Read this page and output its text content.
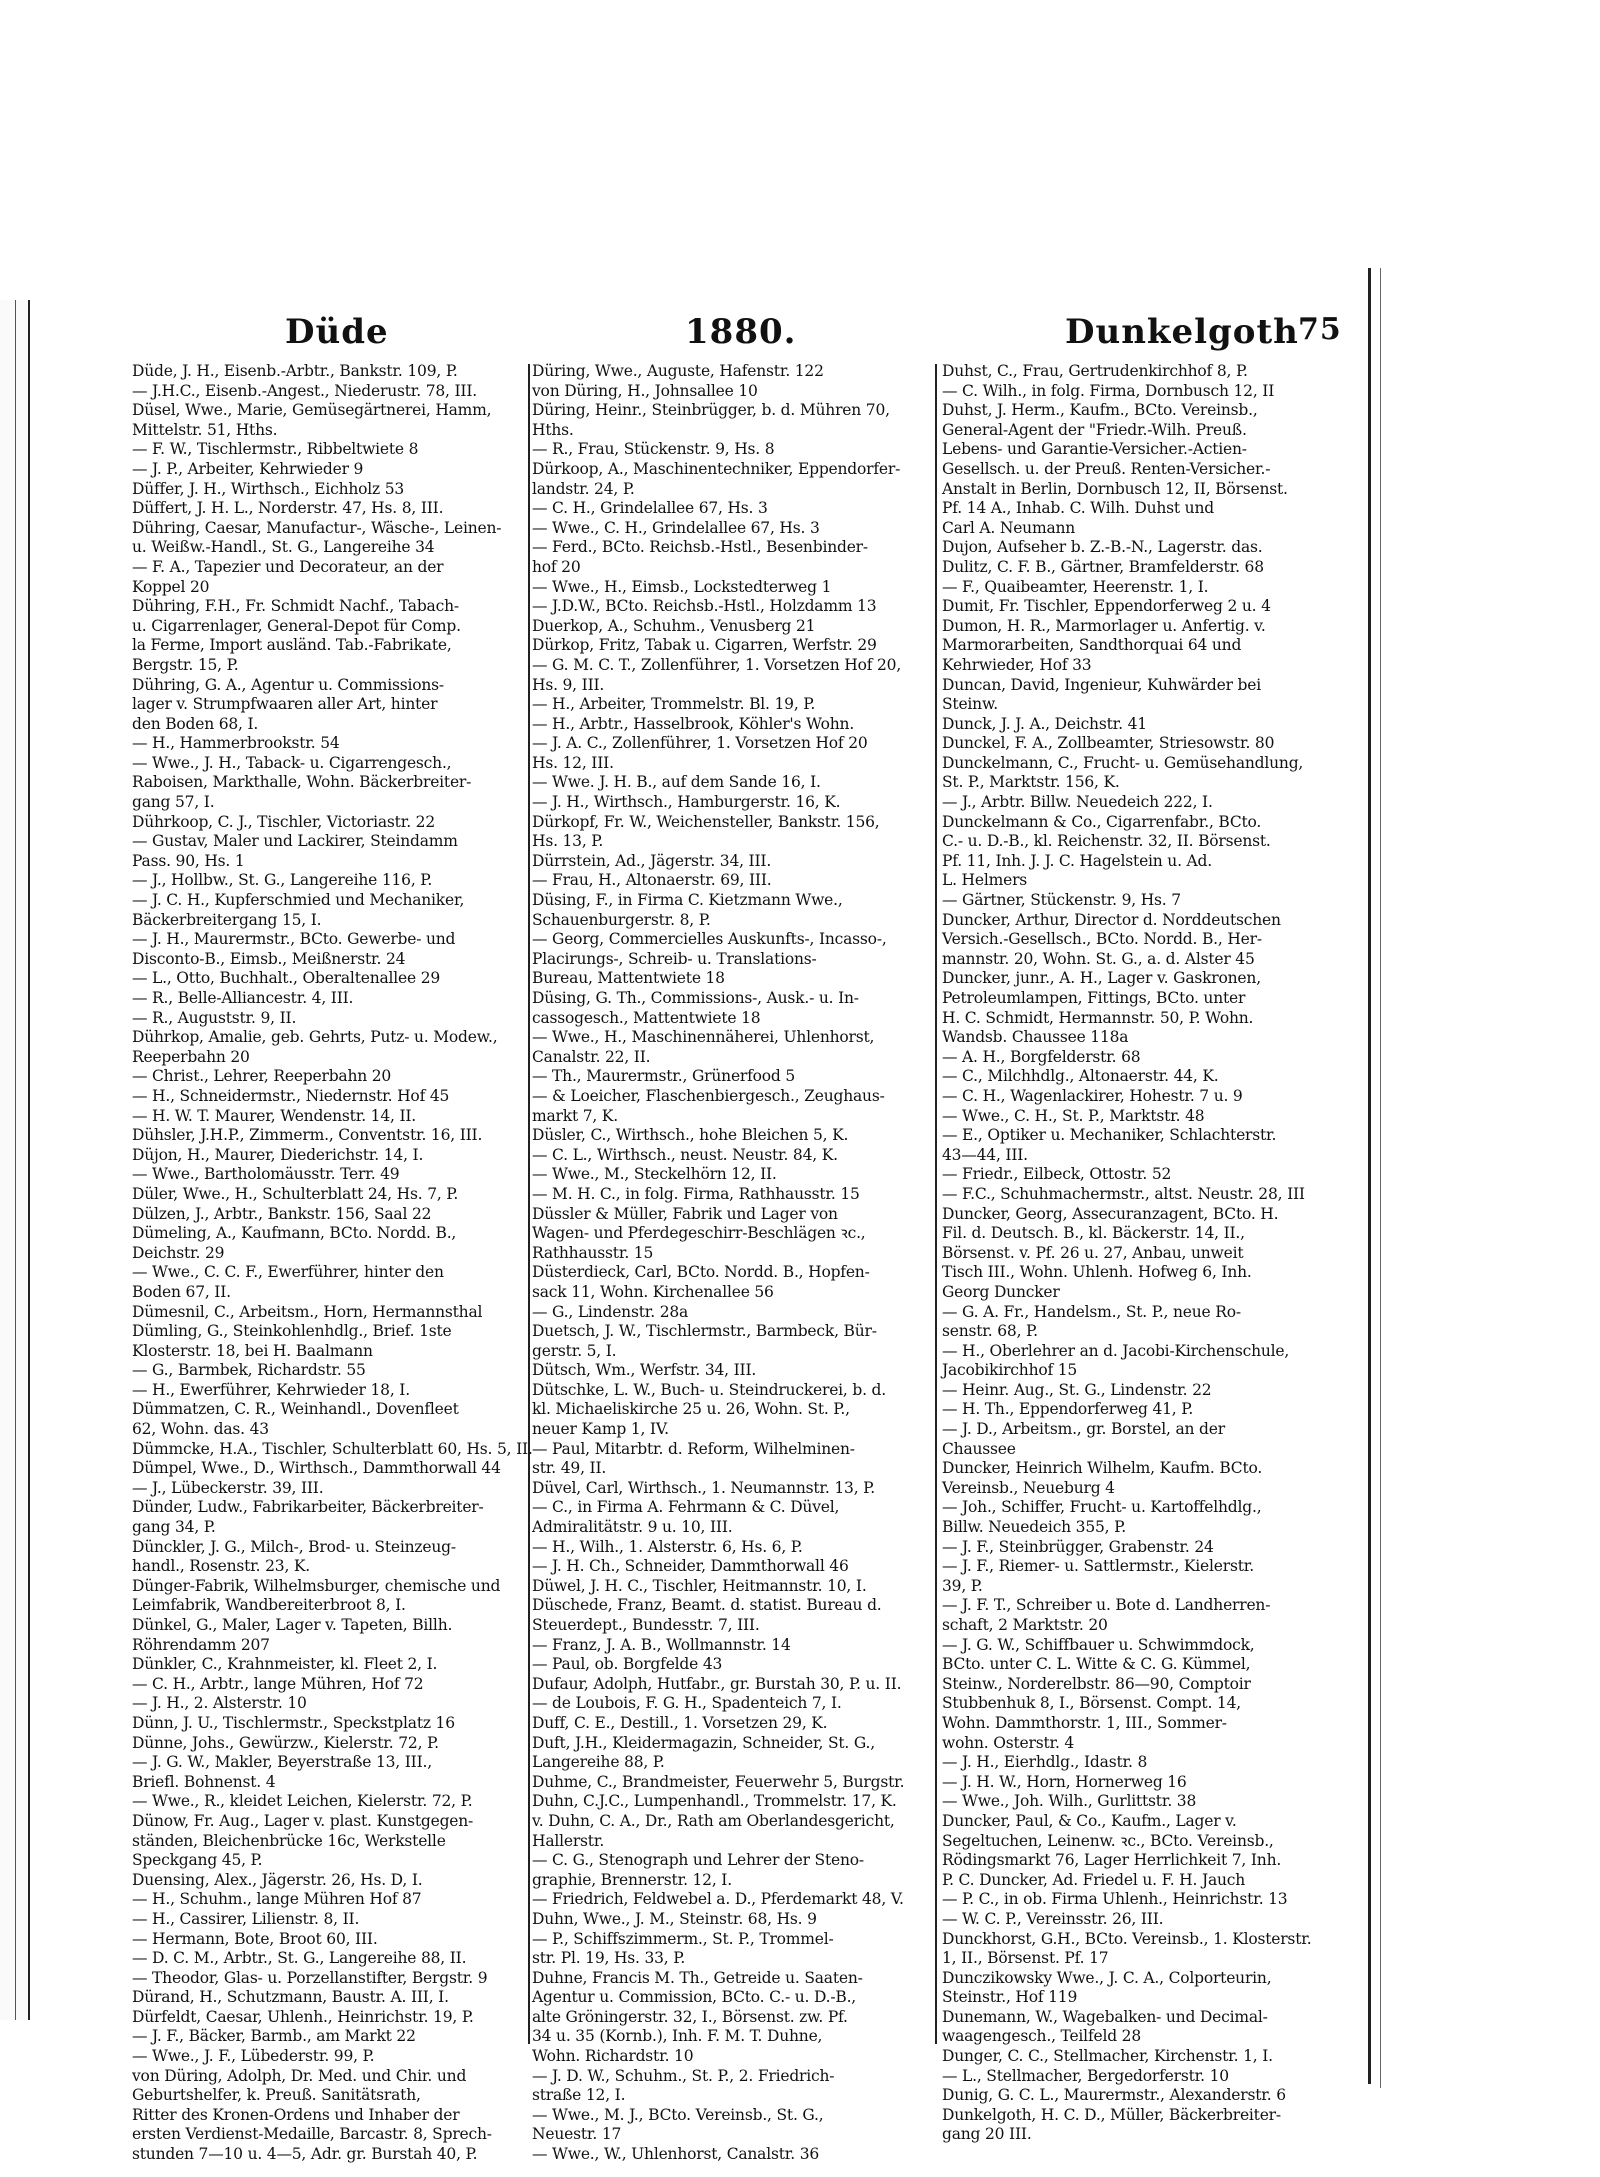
Düde	1880.	Dunkelgoth 75
Düde, J. H., Eisenb.-Arbtr., Bankstr. 109, P.
— J.H.C., Eisenb.-Angest., Niederustr. 78, III.
Düsel, Wwe., Marie, Gemüsegärtnerei, Hamm,
Mittelstr. 51, Hths.
— F. W., Tischlermstr., Ribbeltwiete 8
— J. P., Arbeiter, Kehrwieder 9
Düffer, J. H., Wirthsch., Eichholz 53
Düffert, J. H. L., Norderstr. 47, Hs. 8, III.
Dühring, Caesar, Manufactur-, Wäsche-, Leinen-
u. Weißw.-Handl., St. G., Langereihe 34
— F. A., Tapezier und Decorateur, an der
Koppel 20
Dühring, F.H., Fr. Schmidt Nachf., Tabach-
u. Cigarrenlager, General-Depot für Comp.
la Ferme, Import ausländ. Tab.-Fabrikate,
Bergstr. 15, P.
Dühring, G. A., Agentur u. Commissions-
lager v. Strumpfwaaren aller Art, hinter
den Boden 68, I.
— H., Hammerbrookstr. 54
— Wwe., J. H., Taback- u. Cigarrengesch.,
Raboisen, Markthalle, Wohn. Bäckerbreiter-
gang 57, I.
Dührkoop, C. J., Tischler, Victoriastr. 22
— Gustav, Maler und Lackirer, Steindamm
Pass. 90, Hs. 1
— J., Hollbw., St. G., Langereihe 116, P.
— J. C. H., Kupferschmied und Mechaniker,
Bäckerbreitergang 15, I.
— J. H., Maurermstr., BCto. Gewerbe- und
Disconto-B., Eimsb., Meißnerstr. 24
— L., Otto, Buchhalt., Oberaltenallee 29
— R., Belle-Alliancestr. 4, III.
— R., Auguststr. 9, II.
Dührkop, Amalie, geb. Gehrts, Putz- u. Modew.,
Reeperbahn 20
— Christ., Lehrer, Reeperbahn 20
— H., Schneidermstr., Niedernstr. Hof 45
— H. W. T. Maurer, Wendenstr. 14, II.
Dühsler, J.H.P., Zimmerm., Conventstr. 16, III.
Düjon, H., Maurer, Diederichstr. 14, I.
— Wwe., Bartholomäusstr. Terr. 49
Düler, Wwe., H., Schulterblatt 24, Hs. 7, P.
Dülzen, J., Arbtr., Bankstr. 156, Saal 22
Dümeling, A., Kaufmann, BCto. Nordd. B.,
Deichstr. 29
— Wwe., C. C. F., Ewerführer, hinter den
Boden 67, II.
Dümesnil, C., Arbeitsm., Horn, Hermannsthal
Dümling, G., Steinkohlenhdlg., Brief. 1ste
Klosterstr. 18, bei H. Baalmann
— G., Barmbek, Richardstr. 55
— H., Ewerführer, Kehrwieder 18, I.
Dümmatzen, C. R., Weinhandl., Dovenfleet
62, Wohn. das. 43
Dümmcke, H.A., Tischler, Schulterblatt 60, Hs. 5, II.
Dümpel, Wwe., D., Wirthsch., Dammthorwall 44
— J., Lübeckerstr. 39, III.
Dünder, Ludw., Fabrikarbeiter, Bäckerbreiter-
gang 34, P.
Dünckler, J. G., Milch-, Brod- u. Steinzeug-
handl., Rosenstr. 23, K.
Dünger-Fabrik, Wilhelmsburger, chemische und
Leimfabrik, Wandbereiterbroot 8, I.
Dünkel, G., Maler, Lager v. Tapeten, Billh.
Röhrendamm 207
Dünkler, C., Krahnmeister, kl. Fleet 2, I.
— C. H., Arbtr., lange Mühren, Hof 72
— J. H., 2. Alsterstr. 10
Dünn, J. U., Tischlermstr., Speckstplatz 16
Dünne, Johs., Gewürzw., Kielerstr. 72, P.
— J. G. W., Makler, Beyerstraße 13, III.,
Briefl. Bohnenst. 4
— Wwe., R., kleidet Leichen, Kielerstr. 72, P.
Dünow, Fr. Aug., Lager v. plast. Kunstgegen-
ständen, Bleichenbrücke 16c, Werkstelle
Speckgang 45, P.
Duensing, Alex., Jägerstr. 26, Hs. D, I.
— H., Schuhm., lange Mühren Hof 87
— H., Cassirer, Lilienstr. 8, II.
— Hermann, Bote, Broot 60, III.
— D. C. M., Arbtr., St. G., Langereihe 88, II.
— Theodor, Glas- u. Porzellanstifter, Bergstr. 9
Dürand, H., Schutzmann, Baustr. A. III, I.
Dürfeldt, Caesar, Uhlenh., Heinrichstr. 19, P.
— J. F., Bäcker, Barmb., am Markt 22
— Wwe., J. F., Lübederstr. 99, P.
von Düring, Adolph, Dr. Med. und Chir. und
Geburtshelfer, k. Preuß. Sanitätsrath,
Ritter des Kronen-Ordens und Inhaber der
ersten Verdienst-Medaille, Barcastr. 8, Sprech-
stunden 7—10 u. 4—5, Adr. gr. Burstah 40, P.
Düring, Wwe., Auguste, Hafenstr. 122
von Düring, H., Johnsallee 10
Düring, Heinr., Steinbrügger, b. d. Mühren 70,
Hths.
— R., Frau, Stückenstr. 9, Hs. 8
Dürkoop, A., Maschinentechniker, Eppendorfer-
landstr. 24, P.
— C. H., Grindelallee 67, Hs. 3
— Wwe., C. H., Grindelallee 67, Hs. 3
— Ferd., BCto. Reichsb.-Hstl., Besenbinder-
hof 20
— Wwe., H., Eimsb., Lockstedterweg 1
— J.D.W., BCto. Reichsb.-Hstl., Holzdamm 13
Duerkop, A., Schuhm., Venusberg 21
Dürkop, Fritz, Tabak u. Cigarren, Werfstr. 29
— G. M. C. T., Zollenführer, 1. Vorsetzen Hof 20,
Hs. 9, III.
— H., Arbeiter, Trommelstr. Bl. 19, P.
— H., Arbtr., Hasselbrook, Köhler's Wohn.
— J. A. C., Zollenführer, 1. Vorsetzen Hof 20
Hs. 12, III.
— Wwe. J. H. B., auf dem Sande 16, I.
— J. H., Wirthsch., Hamburgerstr. 16, K.
Dürkopf, Fr. W., Weichensteller, Bankstr. 156,
Hs. 13, P.
Dürrstein, Ad., Jägerstr. 34, III.
— Frau, H., Altonaerstr. 69, III.
Düsing, F., in Firma C. Kietzmann Wwe.,
Schauenburgerstr. 8, P.
— Georg, Commercielles Auskunfts-, Incasso-,
Placirungs-, Schreib- u. Translations-
Bureau, Mattentwiete 18
Düsing, G. Th., Commissions-, Ausk.- u. In-
cassogesch., Mattentwiete 18
— Wwe., H., Maschinennäherei, Uhlenhorst,
Canalstr. 22, II.
— Th., Maurermstr., Grünerfood 5
— & Loeicher, Flaschenbiergesch., Zeughaus-
markt 7, K.
Düsler, C., Wirthsch., hohe Bleichen 5, K.
— C. L., Wirthsch., neust. Neustr. 84, K.
— Wwe., M., Steckelhörn 12, II.
— M. H. C., in folg. Firma, Rathhausstr. 15
Düssler & Müller, Fabrik und Lager von
Wagen- und Pferdegeschirr-Beschlägen ꝛc.,
Rathhausstr. 15
Düsterdieck, Carl, BCto. Nordd. B., Hopfen-
sack 11, Wohn. Kirchenallee 56
— G., Lindenstr. 28a
Duetsch, J. W., Tischlermstr., Barmbeck, Bür-
gerstr. 5, I.
Dütsch, Wm., Werfstr. 34, III.
Dütschke, L. W., Buch- u. Steindruckerei, b. d.
kl. Michaeliskirche 25 u. 26, Wohn. St. P.,
neuer Kamp 1, IV.
— Paul, Mitarbtr. d. Reform, Wilhelminen-
str. 49, II.
Düvel, Carl, Wirthsch., 1. Neumannstr. 13, P.
— C., in Firma A. Fehrmann & C. Düvel,
Admiralitätstr. 9 u. 10, III.
— H., Wilh., 1. Alsterstr. 6, Hs. 6, P.
— J. H. Ch., Schneider, Dammthorwall 46
Düwel, J. H. C., Tischler, Heitmannstr. 10, I.
Düschede, Franz, Beamt. d. statist. Bureau d.
Steuerdept., Bundesstr. 7, III.
— Franz, J. A. B., Wollmannstr. 14
— Paul, ob. Borgfelde 43
Dufaur, Adolph, Hutfabr., gr. Burstah 30, P. u. II.
— de Loubois, F. G. H., Spadenteich 7, I.
Duff, C. E., Destill., 1. Vorsetzen 29, K.
Duft, J.H., Kleidermagazin, Schneider, St. G.,
Langereihe 88, P.
Duhme, C., Brandmeister, Feuerwehr 5, Burgstr.
Duhn, C.J.C., Lumpenhandl., Trommelstr. 17, K.
v. Duhn, C. A., Dr., Rath am Oberlandesgericht,
Hallerstr.
— C. G., Stenograph und Lehrer der Steno-
graphie, Brennerstr. 12, I.
— Friedrich, Feldwebel a. D., Pferdemarkt 48, V.
Duhn, Wwe., J. M., Steinstr. 68, Hs. 9
— P., Schiffszimmerm., St. P., Trommel-
str. Pl. 19, Hs. 33, P.
Duhne, Francis M. Th., Getreide u. Saaten-
Agentur u. Commission, BCto. C.- u. D.-B.,
alte Gröningerstr. 32, I., Börsenst. zw. Pf.
34 u. 35 (Kornb.), Inh. F. M. T. Duhne,
Wohn. Richardstr. 10
— J. D. W., Schuhm., St. P., 2. Friedrich-
straße 12, I.
— Wwe., M. J., BCto. Vereinsb., St. G.,
Neuestr. 17
— Wwe., W., Uhlenhorst, Canalstr. 36
Duhst, C., Frau, Gertrudenkirchhof 8, P.
— C. Wilh., in folg. Firma, Dornbusch 12, II
Duhst, J. Herm., Kaufm., BCto. Vereinsb.,
General-Agent der "Friedr.-Wilh. Preuß.
Lebens- und Garantie-Versicher.-Actien-
Gesellsch. u. der Preuß. Renten-Versicher.-
Anstalt in Berlin, Dornbusch 12, II, Börsenst.
Pf. 14 A., Inhab. C. Wilh. Duhst und
Carl A. Neumann
Dujon, Aufseher b. Z.-B.-N., Lagerstr. das.
Dulitz, C. F. B., Gärtner, Bramfelderstr. 68
— F., Quaibeamter, Heerenstr. 1, I.
Dumit, Fr. Tischler, Eppendorferweg 2 u. 4
Dumon, H. R., Marmorlager u. Anfertig. v.
Marmorarbeiten, Sandthorquai 64 und
Kehrwieder, Hof 33
Duncan, David, Ingenieur, Kuhwärder bei
Steinw.
Dunck, J. J. A., Deichstr. 41
Dunckel, F. A., Zollbeamter, Striesowstr. 80
Dunckelmann, C., Frucht- u. Gemüsehandlung,
St. P., Marktstr. 156, K.
— J., Arbtr. Billw. Neuedeich 222, I.
Dunckelmann & Co., Cigarrenfabr., BCto.
C.- u. D.-B., kl. Reichenstr. 32, II. Börsenst.
Pf. 11, Inh. J. J. C. Hagelstein u. Ad.
L. Helmers
— Gärtner, Stückenstr. 9, Hs. 7
Duncker, Arthur, Director d. Norddeutschen
Versich.-Gesellsch., BCto. Nordd. B., Her-
mannstr. 20, Wohn. St. G., a. d. Alster 45
Duncker, junr., A. H., Lager v. Gaskronen,
Petroleumlampen, Fittings, BCto. unter
H. C. Schmidt, Hermannstr. 50, P. Wohn.
Wandsb. Chaussee 118a
— A. H., Borgfelderstr. 68
— C., Milchhdlg., Altonaerstr. 44, K.
— C. H., Wagenlackirer, Hohestr. 7 u. 9
— Wwe., C. H., St. P., Marktstr. 48
— E., Optiker u. Mechaniker, Schlachterstr.
43—44, III.
— Friedr., Eilbeck, Ottostr. 52
— F.C., Schuhmachermstr., altst. Neustr. 28, III
Duncker, Georg, Assecuranzagent, BCto. H.
Fil. d. Deutsch. B., kl. Bäckerstr. 14, II.,
Börsenst. v. Pf. 26 u. 27, Anbau, unweit
Tisch III., Wohn. Uhlenh. Hofweg 6, Inh.
Georg Duncker
— G. A. Fr., Handelsm., St. P., neue Ro-
senstr. 68, P.
— H., Oberlehrer an d. Jacobi-Kirchenschule,
Jacobikirchhof 15
— Heinr. Aug., St. G., Lindenstr. 22
— H. Th., Eppendorferweg 41, P.
— J. D., Arbeitsm., gr. Borstel, an der
Chaussee
Duncker, Heinrich Wilhelm, Kaufm. BCto.
Vereinsb., Neueburg 4
— Joh., Schiffer, Frucht- u. Kartoffelhdlg.,
Billw. Neuedeich 355, P.
— J. F., Steinbrügger, Grabenstr. 24
— J. F., Riemer- u. Sattlermstr., Kielerstr.
39, P.
— J. F. T., Schreiber u. Bote d. Landherren-
schaft, 2 Marktstr. 20
— J. G. W., Schiffbauer u. Schwimmdock,
BCto. unter C. L. Witte & C. G. Kümmel,
Steinw., Norderelbstr. 86—90, Comptoir
Stubbenhuk 8, I., Börsenst. Compt. 14,
Wohn. Dammthorstr. 1, III., Sommer-
wohn. Osterstr. 4
— J. H., Eierhdlg., Idastr. 8
— J. H. W., Horn, Hornerweg 16
— Wwe., Joh. Wilh., Gurlittstr. 38
Duncker, Paul, & Co., Kaufm., Lager v.
Segeltuchen, Leinenw. ꝛc., BCto. Vereinsb.,
Rödingsmarkt 76, Lager Herrlichkeit 7, Inh.
P. C. Duncker, Ad. Friedel u. F. H. Jauch
— P. C., in ob. Firma Uhlenh., Heinrichstr. 13
— W. C. P., Vereinsstr. 26, III.
Dunckhorst, G.H., BCto. Vereinsb., 1. Klosterstr.
1, II., Börsenst. Pf. 17
Dunczikowsky Wwe., J. C. A., Colporteurin,
Steinstr., Hof 119
Dunemann, W., Wagebalken- und Decimal-
waagengesch., Teilfeld 28
Dunger, C. C., Stellmacher, Kirchenstr. 1, I.
— L., Stellmacher, Bergedorferstr. 10
Dunig, G. C. L., Maurermstr., Alexanderstr. 6
Dunkelgoth, H. C. D., Müller, Bäckerbreiter-
gang 20 III.
